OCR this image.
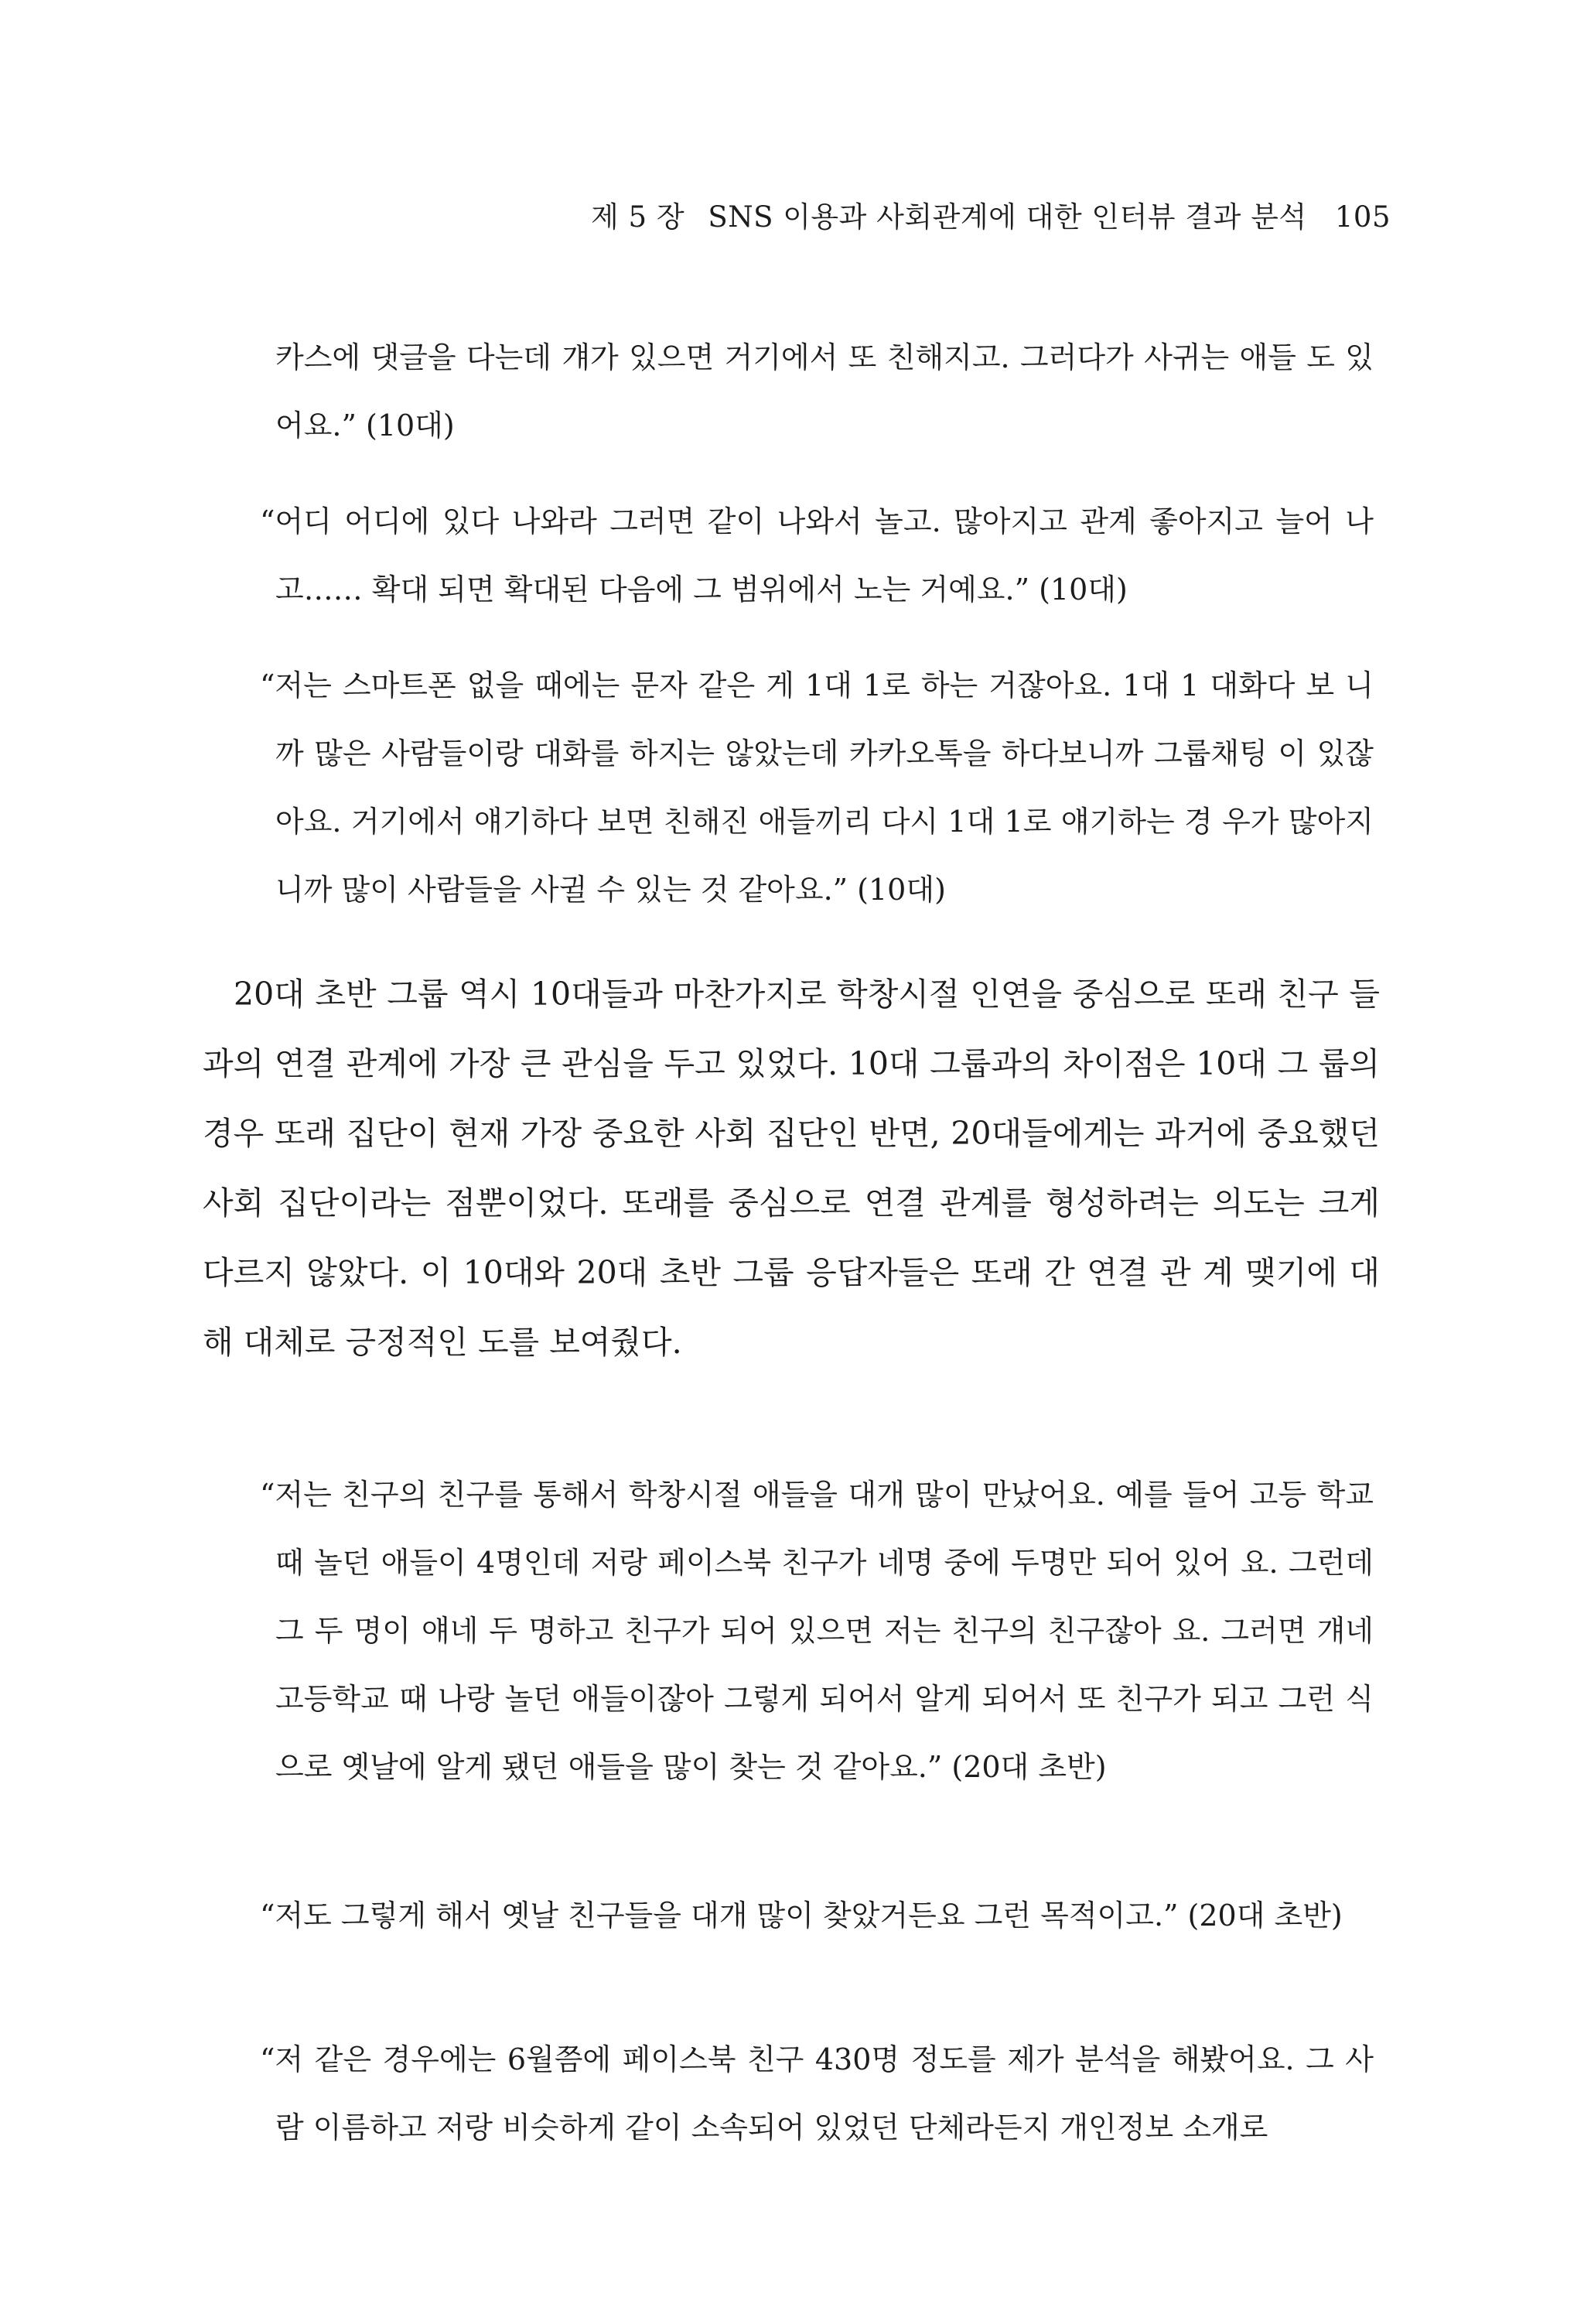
제 5 장 SNS 이용과 사회관계에 대한 인터뷰 결과 분석 105
카스에 댓글을 다는데 걔가 있으면 거기에서 또 친해지고. 그러다가 사귀는 애들 도 있어요.” (10대)
“어디 어디에 있다 나와라 그러면 같이 나와서 놀고. 많아지고 관계 좋아지고 늘어 나고…… 확대 되면 확대된 다음에 그 범위에서 노는 거예요.” (10대)
“저는 스마트폰 없을 때에는 문자 같은 게 1대 1로 하는 거잖아요. 1대 1 대화다 보 니까 많은 사람들이랑 대화를 하지는 않았는데 카카오톡을 하다보니까 그룹채팅 이 있잖아요. 거기에서 얘기하다 보면 친해진 애들끼리 다시 1대 1로 얘기하는 경 우가 많아지니까 많이 사람들을 사귈 수 있는 것 같아요.” (10대)
20대 초반 그룹 역시 10대들과 마찬가지로 학창시절 인연을 중심으로 또래 친구 들과의 연결 관계에 가장 큰 관심을 두고 있었다. 10대 그룹과의 차이점은 10대 그 룹의 경우 또래 집단이 현재 가장 중요한 사회 집단인 반면, 20대들에게는 과거에 중요했던 사회 집단이라는 점뿐이었다. 또래를 중심으로 연결 관계를 형성하려는 의도는 크게 다르지 않았다. 이 10대와 20대 초반 그룹 응답자들은 또래 간 연결 관 계 맺기에 대해 대체로 긍정적인 도를 보여줬다.
“저는 친구의 친구를 통해서 학창시절 애들을 대개 많이 만났어요. 예를 들어 고등 학교 때 놀던 애들이 4명인데 저랑 페이스북 친구가 네명 중에 두명만 되어 있어 요. 그런데 그 두 명이 얘네 두 명하고 친구가 되어 있으면 저는 친구의 친구잖아 요. 그러면 걔네 고등학교 때 나랑 놀던 애들이잖아 그렇게 되어서 알게 되어서 또 친구가 되고 그런 식으로 옛날에 알게 됐던 애들을 많이 찾는 것 같아요.” (20대 초반)
“저도 그렇게 해서 옛날 친구들을 대개 많이 찾았거든요 그런 목적이고.” (20대 초반)
“저 같은 경우에는 6월쯤에 페이스북 친구 430명 정도를 제가 분석을 해봤어요. 그 사람 이름하고 저랑 비슷하게 같이 소속되어 있었던 단체라든지 개인정보 소개로
